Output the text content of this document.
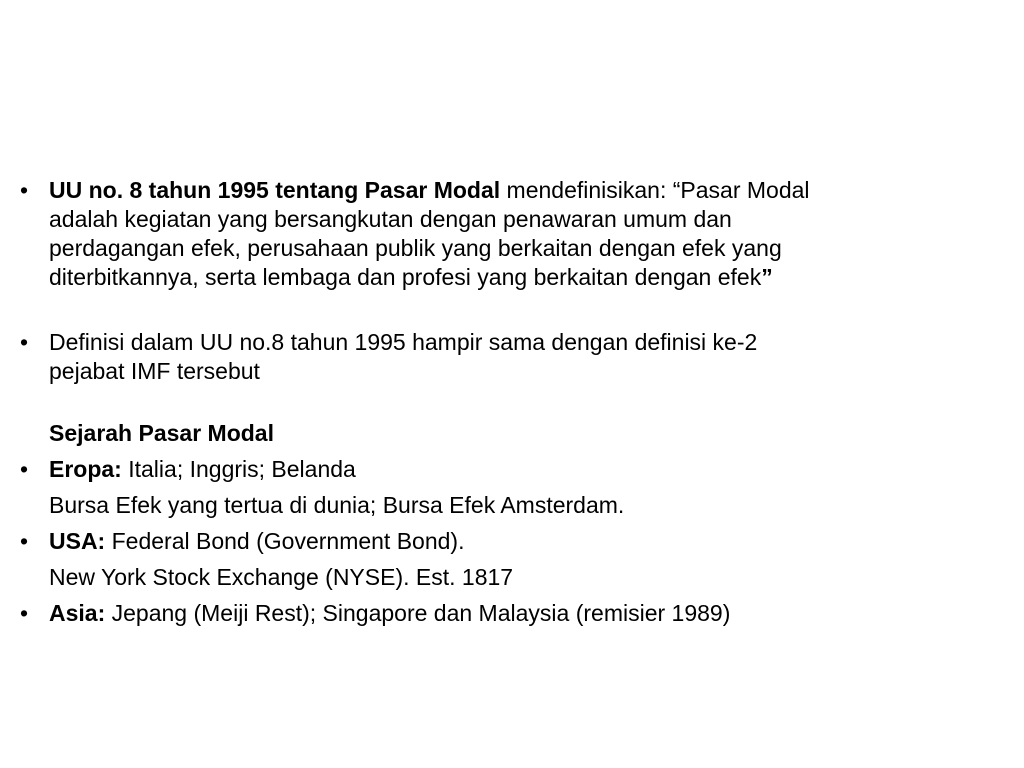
• UU no. 8 tahun 1995 tentang Pasar Modal mendefinisikan: “Pasar Modal adalah kegiatan yang bersangkutan dengan penawaran umum dan perdagangan efek, perusahaan publik yang berkaitan dengan efek yang diterbitkannya, serta lembaga dan profesi yang berkaitan dengan efek”

• Definisi dalam UU no.8 tahun 1995 hampir sama dengan definisi ke-2 pejabat IMF tersebut

Sejarah Pasar Modal

• Eropa: Italia; Inggris; Belanda

Bursa Efek yang tertua di dunia; Bursa Efek Amsterdam.

• USA: Federal Bond (Government Bond).

New York Stock Exchange (NYSE). Est. 1817

• Asia: Jepang (Meiji Rest); Singapore dan Malaysia (remisier 1989)
